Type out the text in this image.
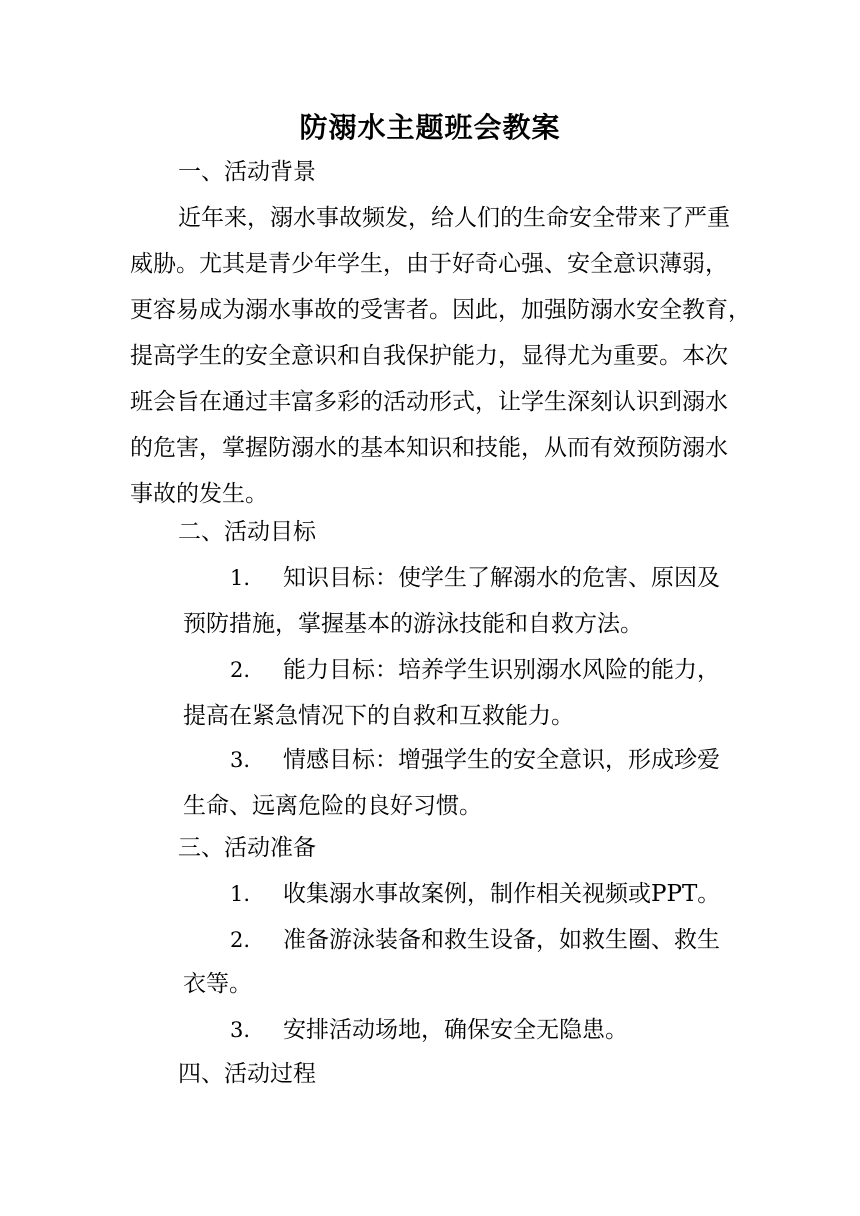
防溺水主题班会教案
一、活动背景
近年来，溺水事故频发，给人们的生命安全带来了严重
威胁。尤其是青少年学生，由于好奇心强、安全意识薄弱，
更容易成为溺水事故的受害者。因此，加强防溺水安全教育，
提高学生的安全意识和自我保护能力，显得尤为重要。本次
班会旨在通过丰富多彩的活动形式，让学生深刻认识到溺水
的危害，掌握防溺水的基本知识和技能，从而有效预防溺水
事故的发生。
二、活动目标
1. 知识目标：使学生了解溺水的危害、原因及
预防措施，掌握基本的游泳技能和自救方法。
2. 能力目标：培养学生识别溺水风险的能力，
提高在紧急情况下的自救和互救能力。
3. 情感目标：增强学生的安全意识，形成珍爱
生命、远离危险的良好习惯。
三、活动准备
1. 收集溺水事故案例，制作相关视频或PPT。
2. 准备游泳装备和救生设备，如救生圈、救生
衣等。
3. 安排活动场地，确保安全无隐患。
四、活动过程
